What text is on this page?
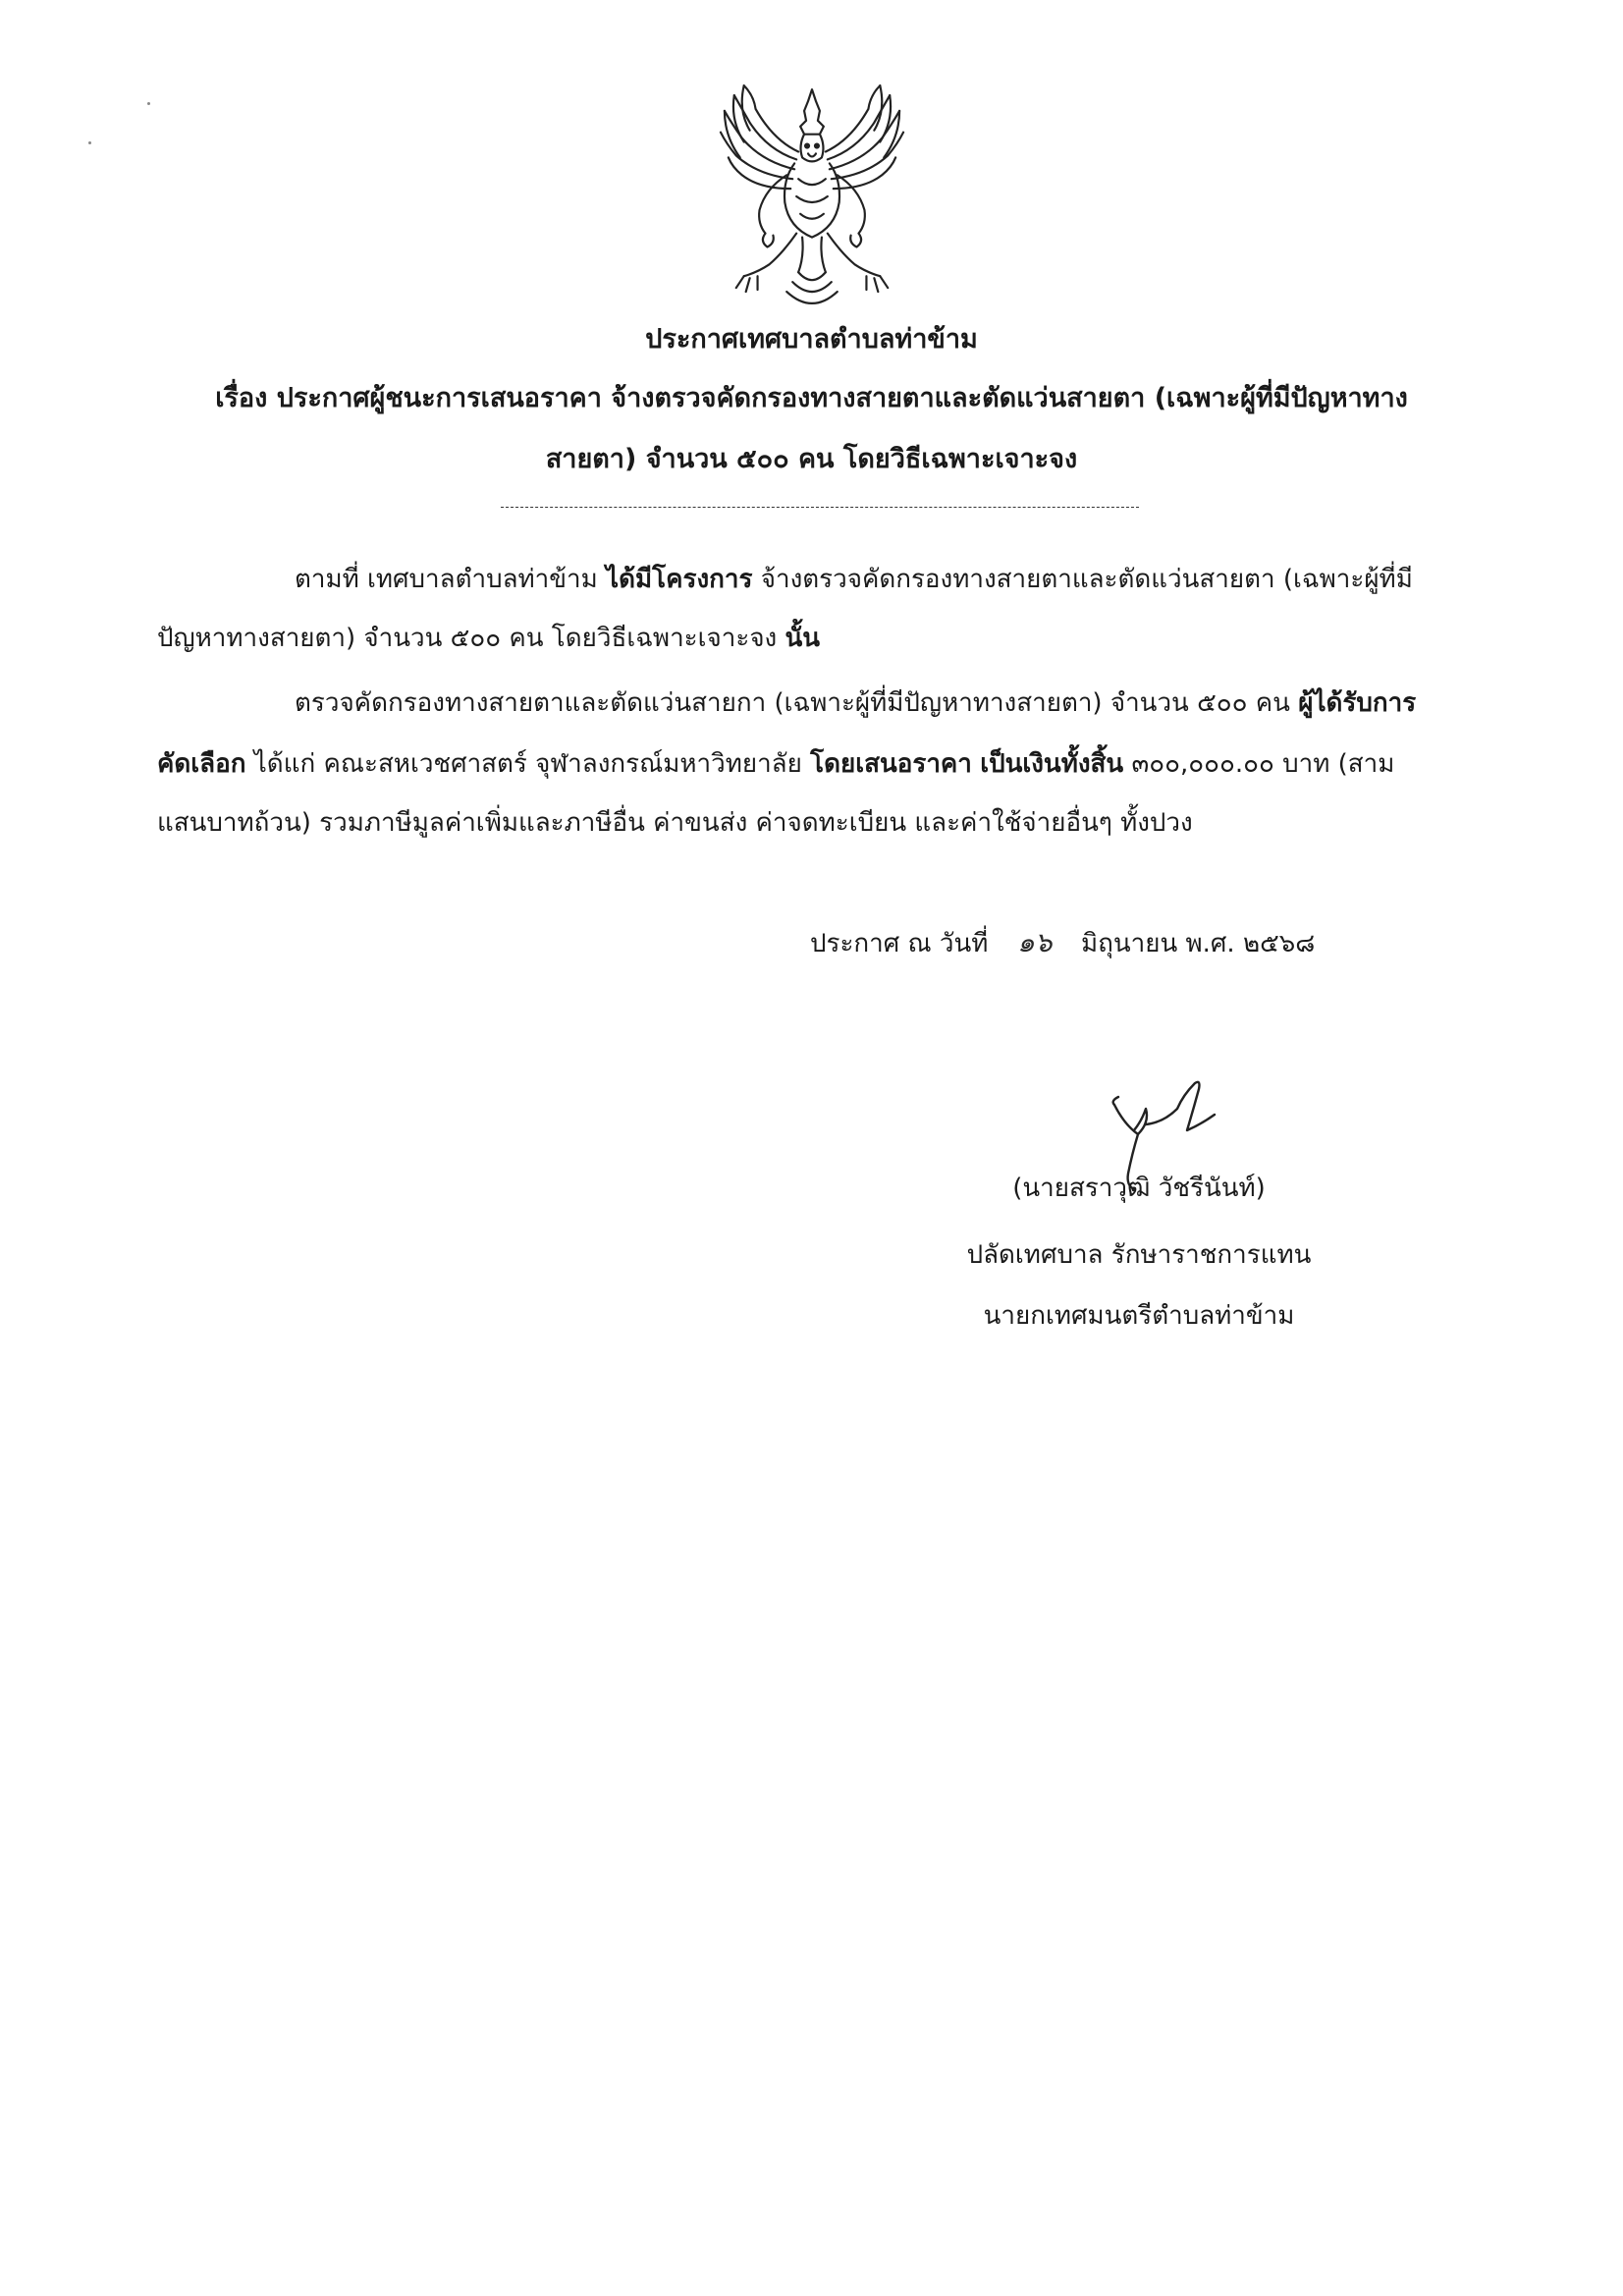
ประกาศเทศบาลตำบลท่าข้าม
เรื่อง ประกาศผู้ชนะการเสนอราคา จ้างตรวจคัดกรองทางสายตาและตัดแว่นสายตา (เฉพาะผู้ที่มีปัญหาทาง
สายตา) จำนวน ๕๐๐ คน โดยวิธีเฉพาะเจาะจง
ตามที่ เทศบาลตำบลท่าข้าม ได้มีโครงการ จ้างตรวจคัดกรองทางสายตาและตัดแว่นสายตา (เฉพาะผู้ที่มี
ปัญหาทางสายตา) จำนวน ๕๐๐ คน โดยวิธีเฉพาะเจาะจง นั้น
ตรวจคัดกรองทางสายตาและตัดแว่นสายกา (เฉพาะผู้ที่มีปัญหาทางสายตา) จำนวน ๕๐๐ คน ผู้ได้รับการ
คัดเลือก ได้แก่ คณะสหเวชศาสตร์ จุฬาลงกรณ์มหาวิทยาลัย โดยเสนอราคา เป็นเงินทั้งสิ้น ๓๐๐,๐๐๐.๐๐ บาท (สาม
แสนบาทถ้วน) รวมภาษีมูลค่าเพิ่มและภาษีอื่น ค่าขนส่ง ค่าจดทะเบียน และค่าใช้จ่ายอื่นๆ ทั้งปวง
ประกาศ ณ วันที่ ๑๖ มิถุนายน พ.ศ. ๒๕๖๘
(นายสราวุฒิ วัชรีนันท์)
ปลัดเทศบาล รักษาราชการแทน
นายกเทศมนตรีตำบลท่าข้าม
